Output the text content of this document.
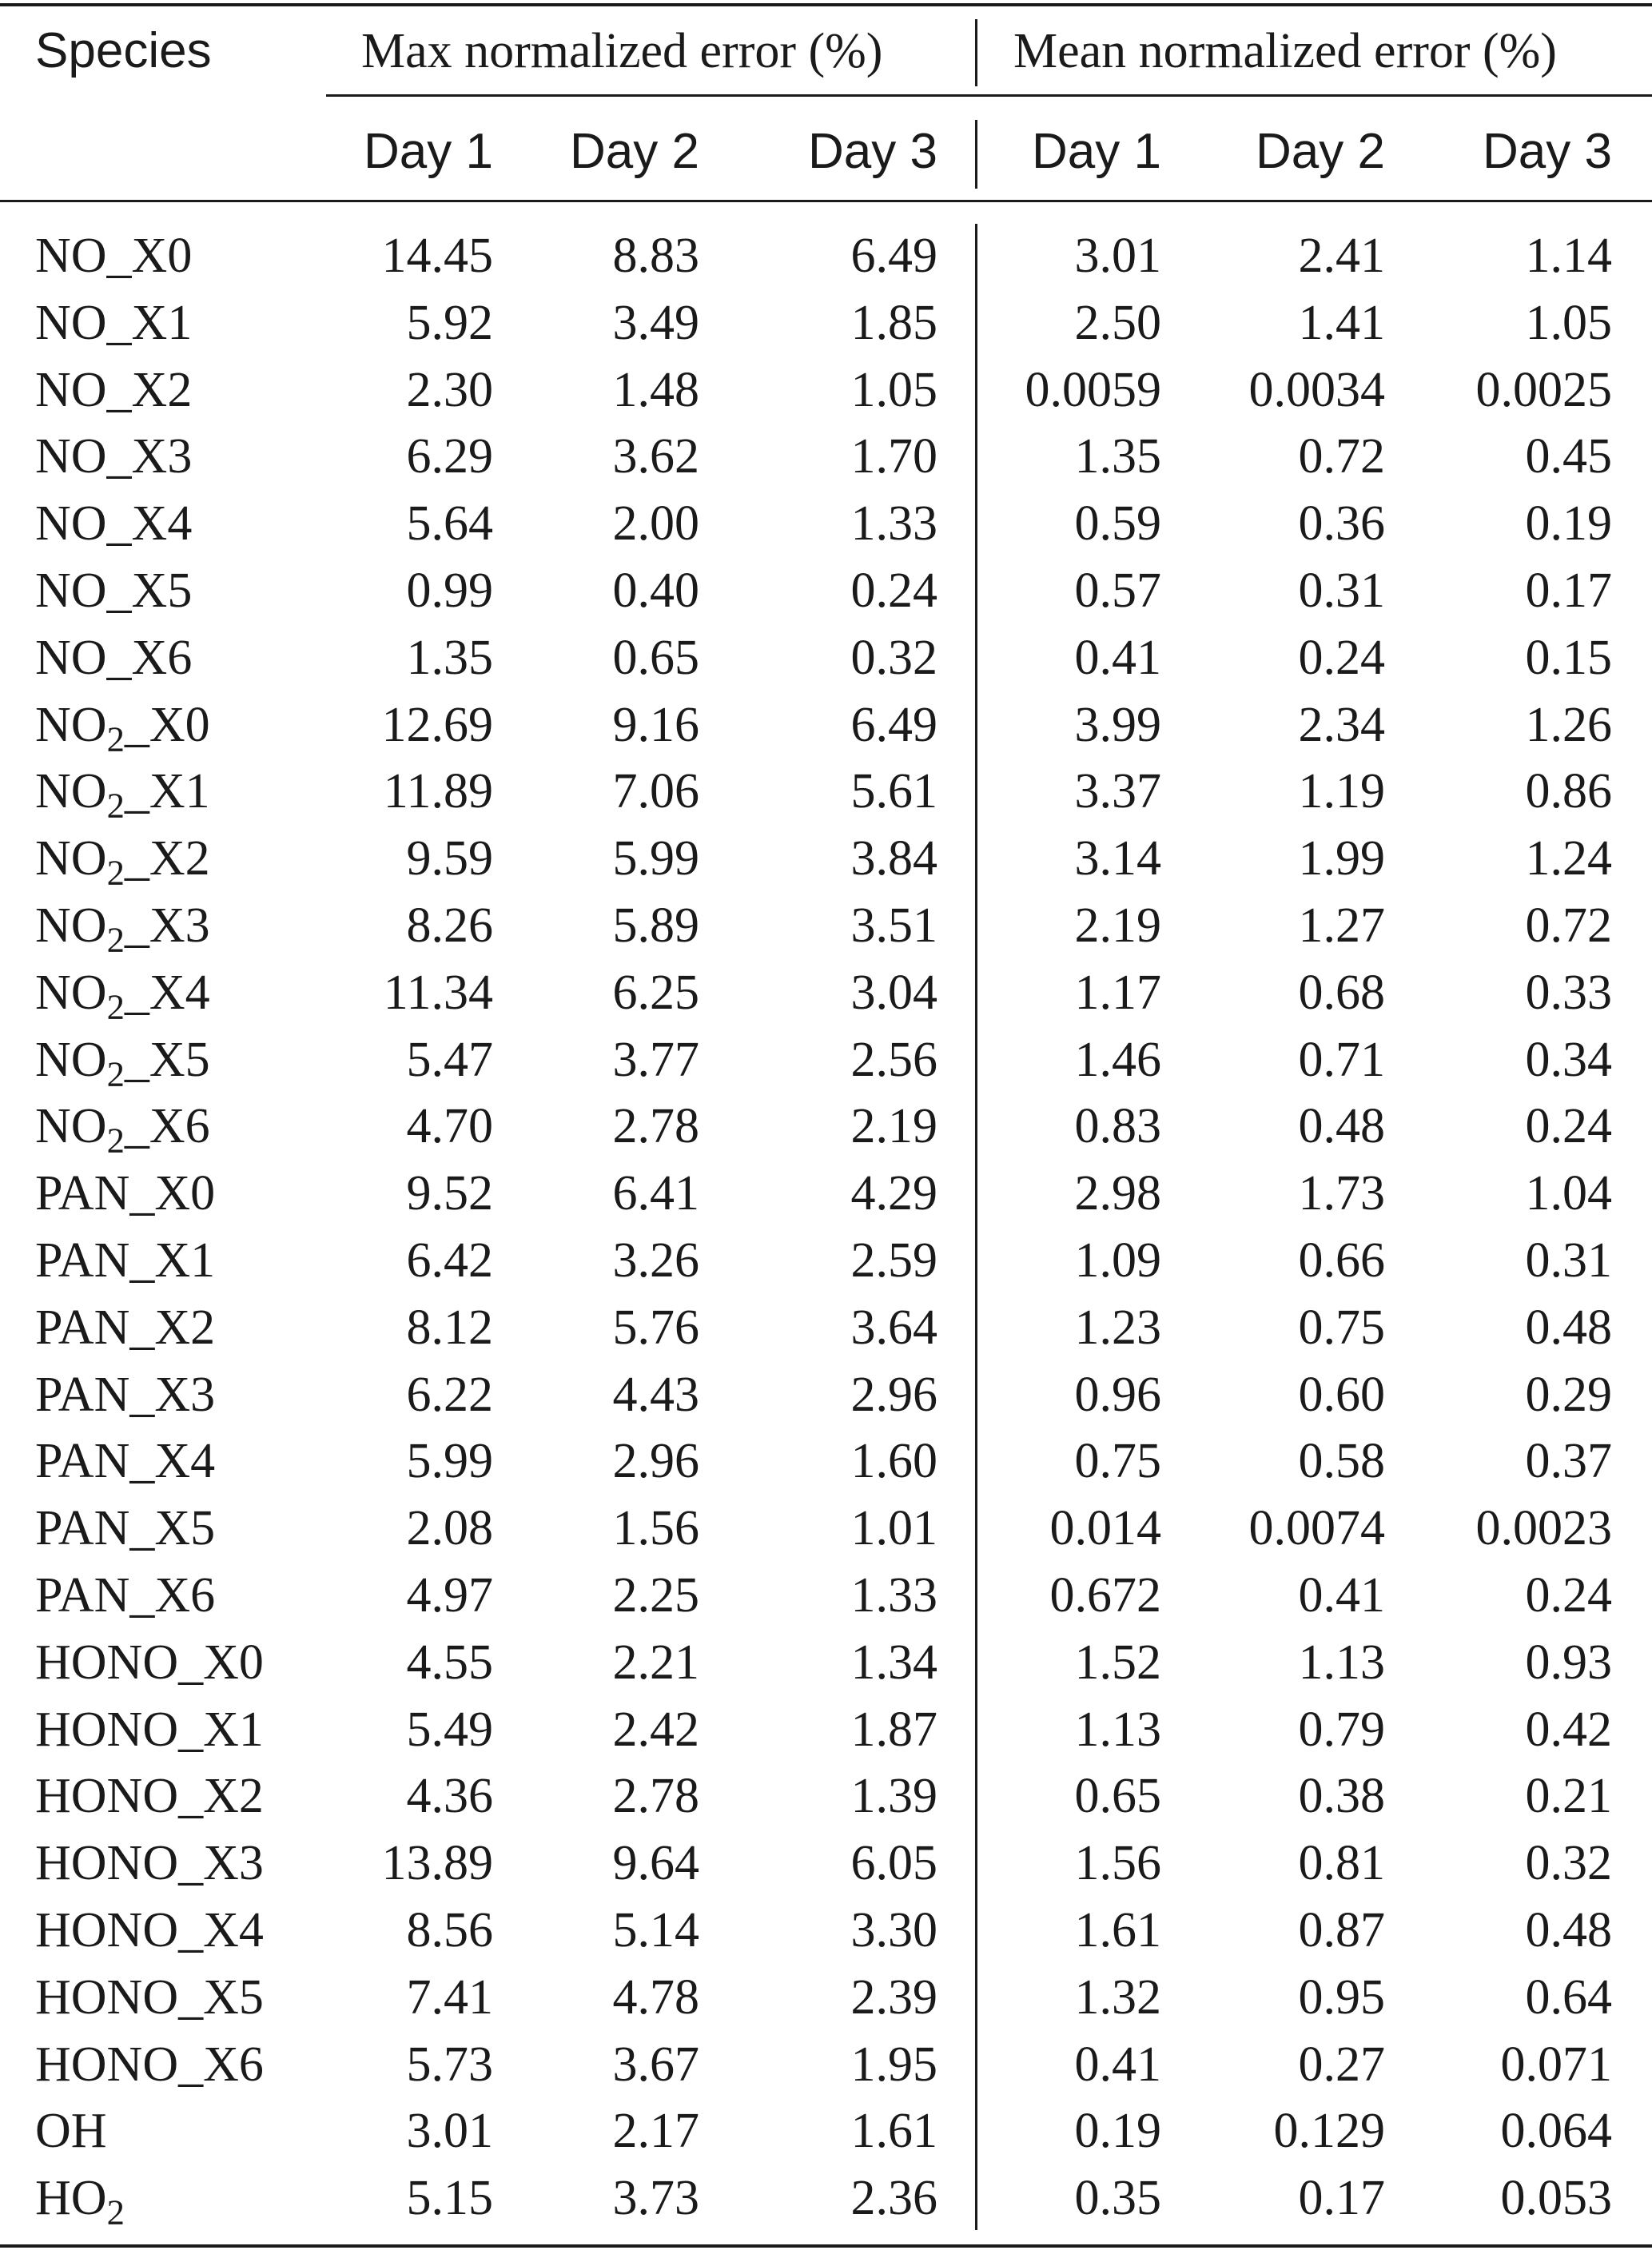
Species	Max normalized error (%)	Mean normalized error (%)
Day 1 Day 2 Day 3 Day 1 Day 2 Day 3
NO_X0	14.45 8.83	6.49	3.01	2.41	1.14
NO_X1	5.92 3.49	1.85	2.50	1.41	1.05
NO_X2	2.30 1.48	1.05 0.0059 0.0034 0.0025
NO_X3	6.29 3.62	1.70	1.35	0.72	0.45
NO_X4	5.64 2.00	1.33	0.59	0.36	0.19
NO_X5	0.99 0.40	0.24	0.57	0.31	0.17
NO_X6	1.35 0.65	0.32	0.41	0.24	0.15
$NO_2\_X0$	12.69 9.16	6.49	3.99	2.34	1.26
$NO_2\_X1$	11.89 7.06	5.61	3.37	1.19	0.86
$NO_2\_X2$	9.59 5.99	3.84	3.14	1.99	1.24
$NO_2\_X3$	8.26 5.89	3.51	2.19	1.27	0.72
$NO_2\_X4$	11.34 6.25	3.04	1.17	0.68	0.33
$NO_2\_X5$	5.47 3.77	2.56	1.46	0.71	0.34
$NO_2\_X6$	4.70 2.78	2.19	0.83	0.48	0.24
PAN_X0	9.52 6.41	4.29	2.98	1.73	1.04
PAN_X1	6.42 3.26	2.59	1.09	0.66	0.31
PAN_X2	8.12 5.76	3.64	1.23	0.75	0.48
PAN_X3	6.22 4.43	2.96	0.96	0.60	0.29
PAN_X4	5.99 2.96	1.60	0.75	0.58	0.37
PAN_X5	2.08 1.56	1.01 0.014 0.0074 0.0023
PAN_X6	4.97 2.25	1.33 0.672	0.41	0.24
HONO_X0	4.55 2.21	1.34	1.52	1.13	0.93
HONO_X1	5.49 2.42	1.87	1.13	0.79	0.42
HONO_X2	4.36 2.78	1.39	0.65	0.38	0.21
HONO_X3 13.89 9.64	6.05	1.56	0.81	0.32
HONO_X4	8.56 5.14	3.30	1.61	0.87	0.48
HONO_X5	7.41 4.78	2.39	1.32	0.95	0.64
HONO_X6	5.73 3.67	1.95	0.41	0.27 0.071
OH	3.01 2.17	1.61	0.19 0.129 0.064
$HO_2$	5.15 3.73	2.36	0.35	0.17 0.053
